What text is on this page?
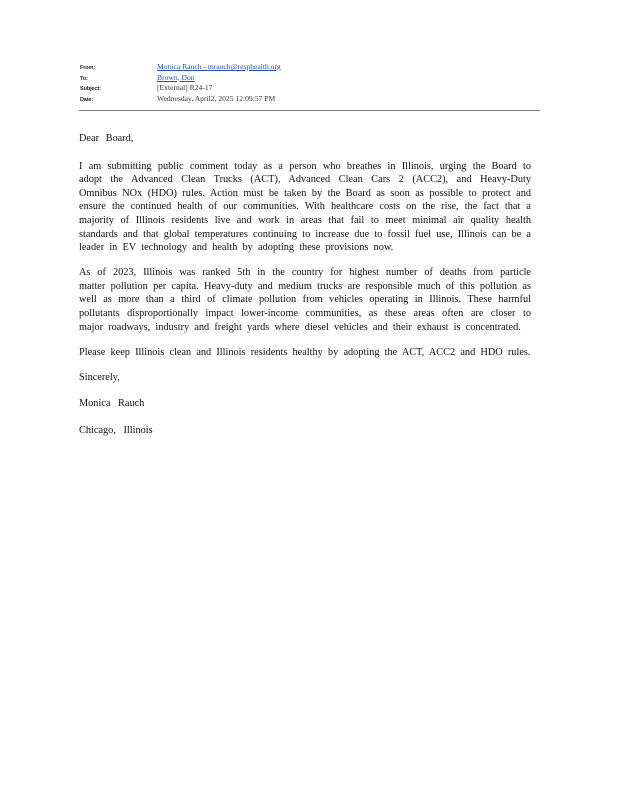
From:	Monica Rauch - mrauch@resphealth.org
To:	Brown, Don
Subject:	[External] R24-17
Date:	Wednesday, April2, 2025 12:09:57 PM

Dear Board,

I am submitting public comment today as a person who breathes in Illinois, urging the Board to adopt the Advanced Clean Trucks (ACT), Advanced Clean Cars 2 (ACC2), and Heavy-Duty Omnibus NOx (HDO) rules. Action must be taken by the Board as soon as possible to protect and ensure the continued health of our communities. With healthcare costs on the rise, the fact that a majority of Illinois residents live and work in areas that fail to meet minimal air quality health standards and that global temperatures continuing to increase due to fossil fuel use, Illinois can be a leader in EV technology and health by adopting these provisions now.

As of 2023, Illinois was ranked 5th in the country for highest number of deaths from particle matter pollution per capita. Heavy-duty and medium trucks are responsible much of this pollution as well as more than a third of climate pollution from vehicles operating in Illinois. These harmful pollutants disproportionally impact lower-income communities, as these areas often are closer to major roadways, industry and freight yards where diesel vehicles and their exhaust is concentrated.

Please keep Illinois clean and Illinois residents healthy by adopting the ACT, ACC2 and HDO rules.

Sincerely,

Monica Rauch

Chicago, Illinois
